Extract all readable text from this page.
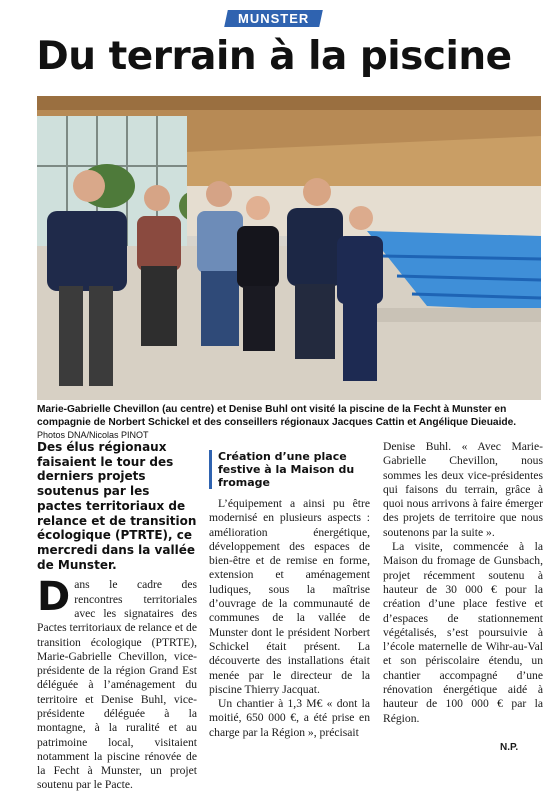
MUNSTER
Du terrain à la piscine
Marie-Gabrielle Chevillon (au centre) et Denise Buhl ont visité la piscine de la Fecht à Munster en compagnie de Norbert Schickel et des conseillers régionaux Jacques Cattin et Angélique Dieuaide. Photos DNA/Nicolas PINOT
Des élus régionaux faisaient le tour des derniers projets soutenus par les pactes territoriaux de relance et de transition écologique (PTRTE), ce mercredi dans la vallée de Munster.
Dans le cadre des rencontres territoriales avec les signataires des Pactes territoriaux de relance et de transition écologique (PTRTE), Marie-Gabrielle Chevillon, vice-présidente de la région Grand Est déléguée à l’aménagement du territoire et Denise Buhl, vice-présidente déléguée à la montagne, à la ruralité et au patrimoine local, visitaient notamment la piscine rénovée de la Fecht à Munster, un projet soutenu par le Pacte.
Création d’une place festive à la Maison du fromage
L’équipement a ainsi pu être modernisé en plusieurs aspects : amélioration énergétique, développement des espaces de bien-être et de remise en forme, extension et aménagement ludiques, sous la maîtrise d’ouvrage de la communauté de communes de la vallée de Munster dont le président Norbert Schickel était présent. La découverte des installations était menée par le directeur de la piscine Thierry Jacquat.
Un chantier à 1,3 M€ « dont la moitié, 650 000 €, a été prise en charge par la Région », précisait
Denise Buhl. « Avec Marie-Gabrielle Chevillon, nous sommes les deux vice-présidentes qui faisons du terrain, grâce à quoi nous arrivons à faire émerger des projets de territoire que nous soutenons par la suite ».
La visite, commencée à la Maison du fromage de Gunsbach, projet récemment soutenu à hauteur de 30 000 € pour la création d’une place festive et d’espaces de stationnement végétalisés, s’est poursuivie à l’école maternelle de Wihr-au-Val et son périscolaire étendu, un chantier accompagné d’une rénovation énergétique aidé à hauteur de 100 000 € par la Région.
N.P.
